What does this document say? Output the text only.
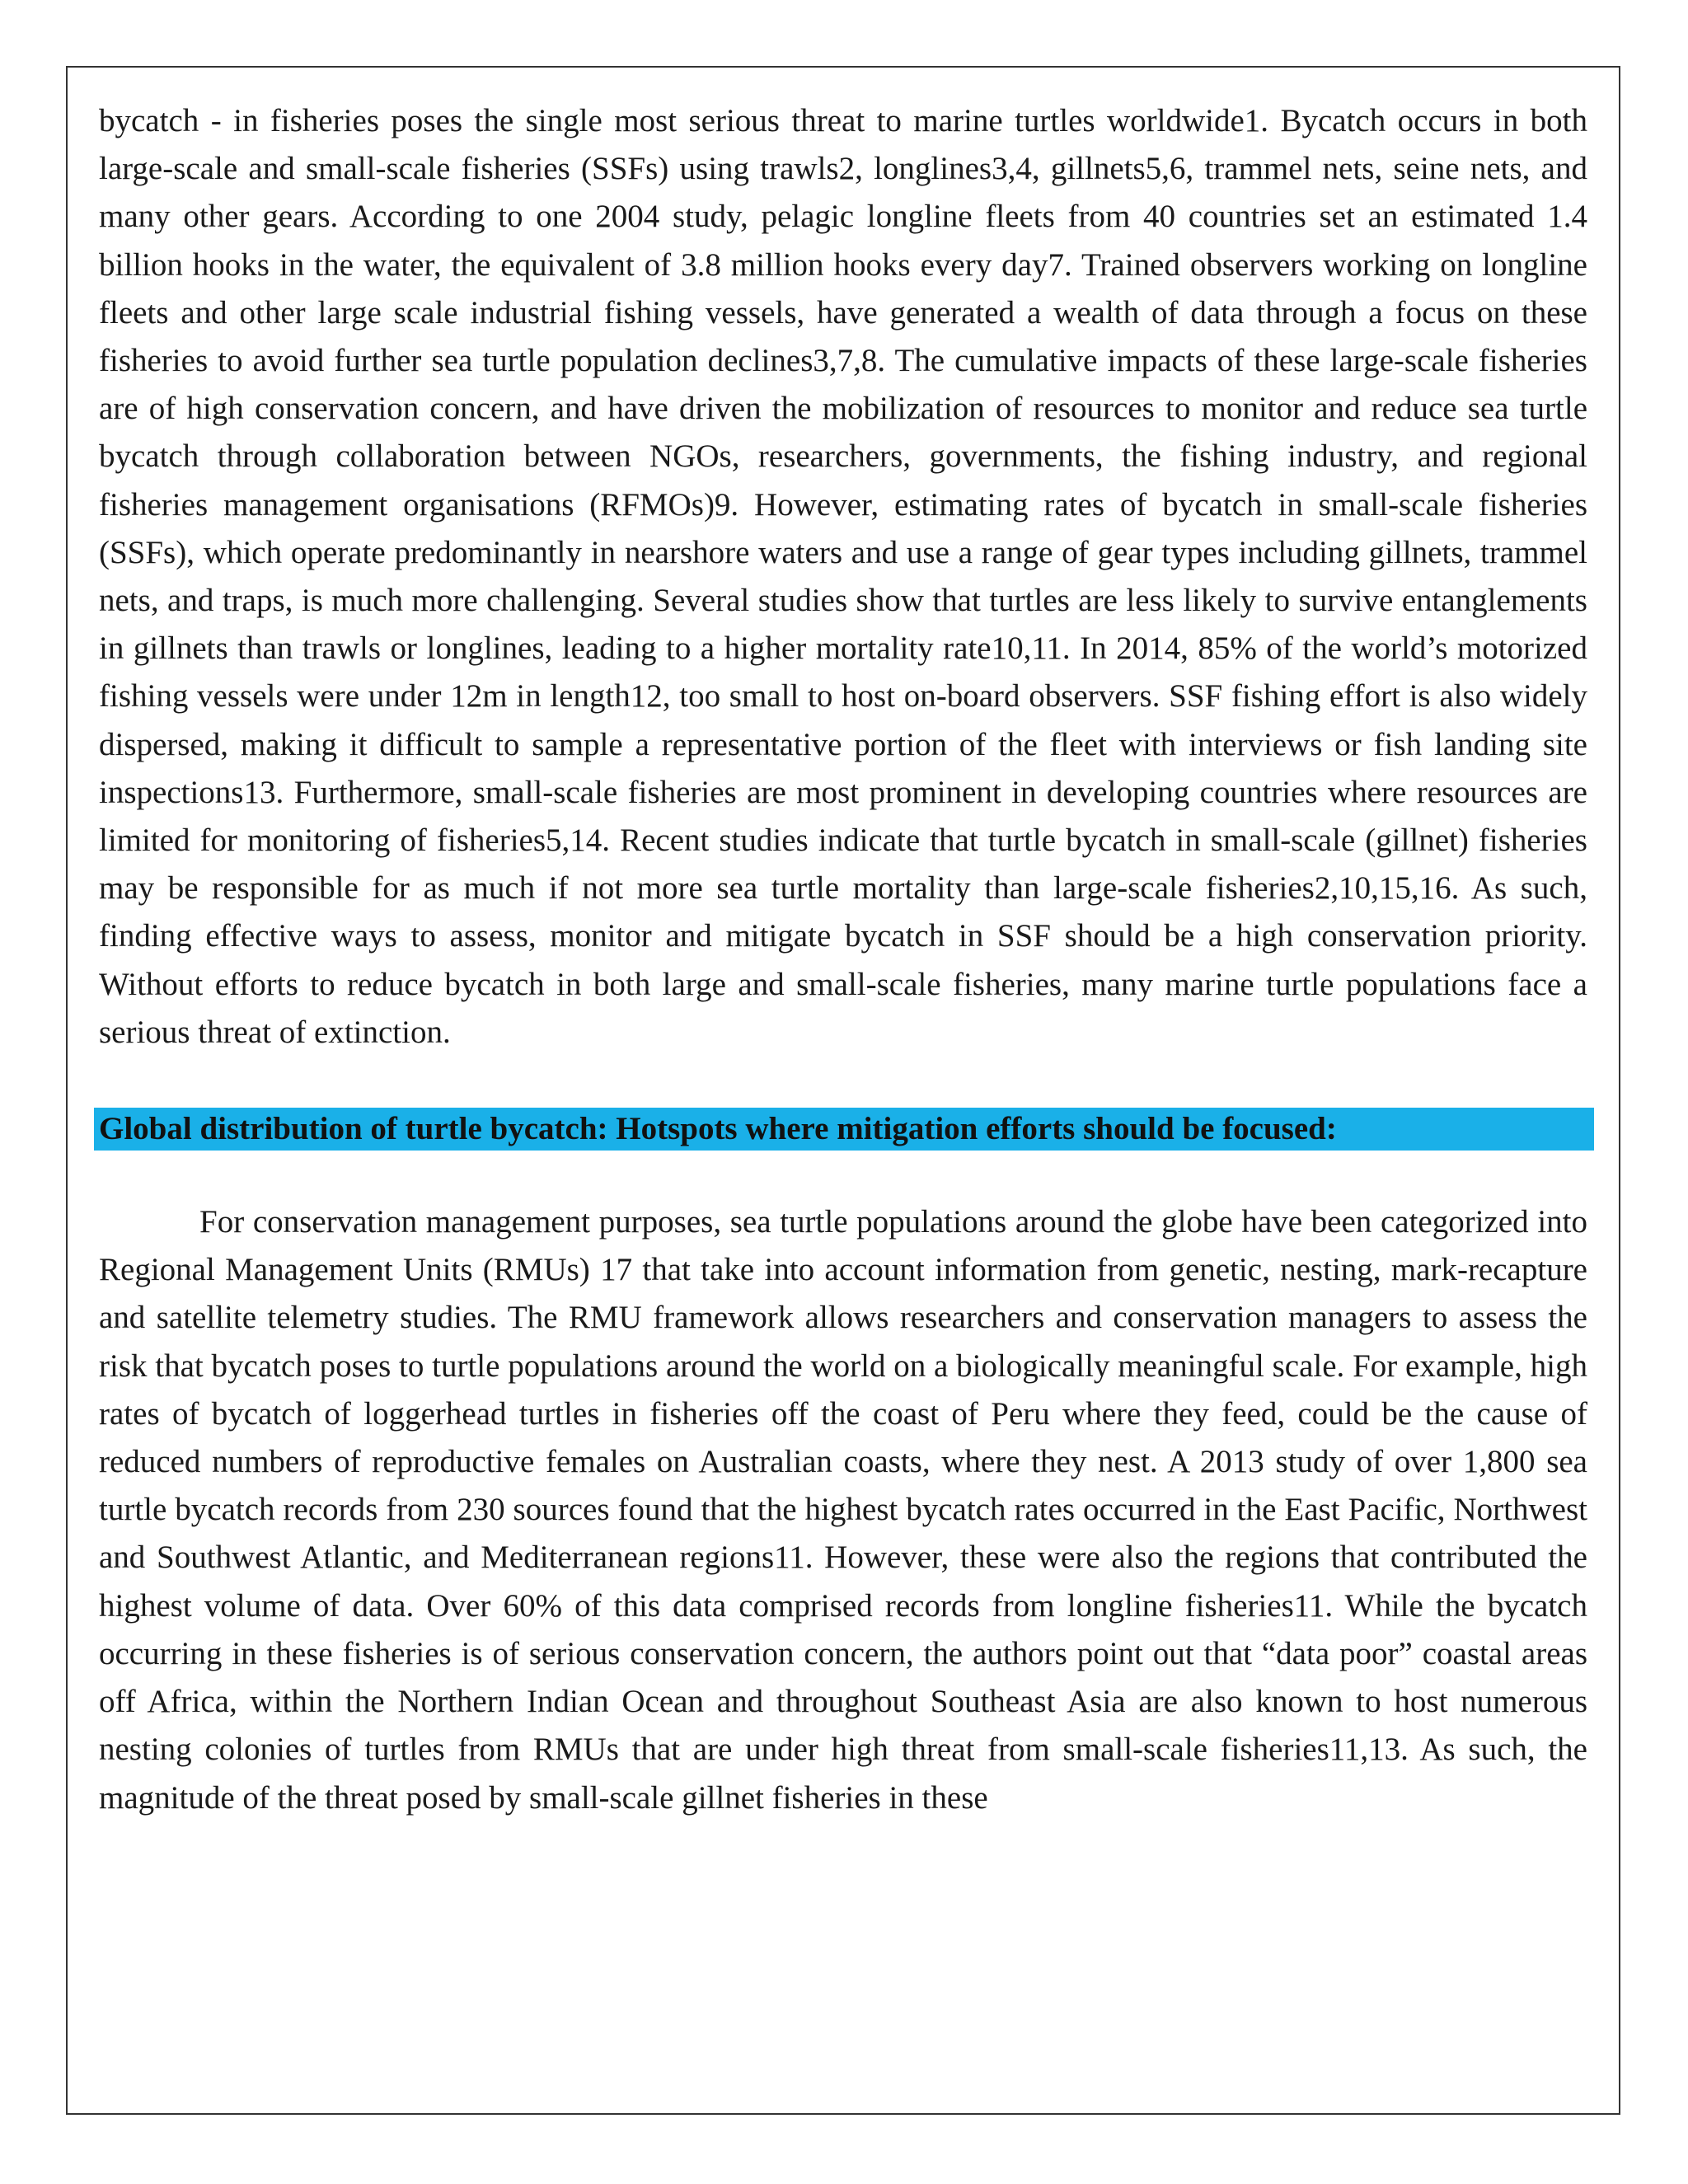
bycatch - in fisheries poses the single most serious threat to marine turtles worldwide1. Bycatch occurs in both large-scale and small-scale fisheries (SSFs) using trawls2, longlines3,4, gillnets5,6, trammel nets, seine nets, and many other gears. According to one 2004 study, pelagic longline fleets from 40 countries set an estimated 1.4 billion hooks in the water, the equivalent of 3.8 million hooks every day7. Trained observers working on longline fleets and other large scale industrial fishing vessels, have generated a wealth of data through a focus on these fisheries to avoid further sea turtle population declines3,7,8. The cumulative impacts of these large-scale fisheries are of high conservation concern, and have driven the mobilization of resources to monitor and reduce sea turtle bycatch through collaboration between NGOs, researchers, governments, the fishing industry, and regional fisheries management organisations (RFMOs)9. However, estimating rates of bycatch in small-scale fisheries (SSFs), which operate predominantly in nearshore waters and use a range of gear types including gillnets, trammel nets, and traps, is much more challenging. Several studies show that turtles are less likely to survive entanglements in gillnets than trawls or longlines, leading to a higher mortality rate10,11. In 2014, 85% of the world’s motorized fishing vessels were under 12m in length12, too small to host on-board observers. SSF fishing effort is also widely dispersed, making it difficult to sample a representative portion of the fleet with interviews or fish landing site inspections13. Furthermore, small-scale fisheries are most prominent in developing countries where resources are limited for monitoring of fisheries5,14. Recent studies indicate that turtle bycatch in small-scale (gillnet) fisheries may be responsible for as much if not more sea turtle mortality than large-scale fisheries2,10,15,16. As such, finding effective ways to assess, monitor and mitigate bycatch in SSF should be a high conservation priority. Without efforts to reduce bycatch in both large and small-scale fisheries, many marine turtle populations face a serious threat of extinction.

Global distribution of turtle bycatch: Hotspots where mitigation efforts should be focused:

For conservation management purposes, sea turtle populations around the globe have been categorized into Regional Management Units (RMUs) 17 that take into account information from genetic, nesting, mark-recapture and satellite telemetry studies. The RMU framework allows researchers and conservation managers to assess the risk that bycatch poses to turtle populations around the world on a biologically meaningful scale. For example, high rates of bycatch of loggerhead turtles in fisheries off the coast of Peru where they feed, could be the cause of reduced numbers of reproductive females on Australian coasts, where they nest. A 2013 study of over 1,800 sea turtle bycatch records from 230 sources found that the highest bycatch rates occurred in the East Pacific, Northwest and Southwest Atlantic, and Mediterranean regions11. However, these were also the regions that contributed the highest volume of data. Over 60% of this data comprised records from longline fisheries11. While the bycatch occurring in these fisheries is of serious conservation concern, the authors point out that “data poor” coastal areas off Africa, within the Northern Indian Ocean and throughout Southeast Asia are also known to host numerous nesting colonies of turtles from RMUs that are under high threat from small-scale fisheries11,13. As such, the magnitude of the threat posed by small-scale gillnet fisheries in these
